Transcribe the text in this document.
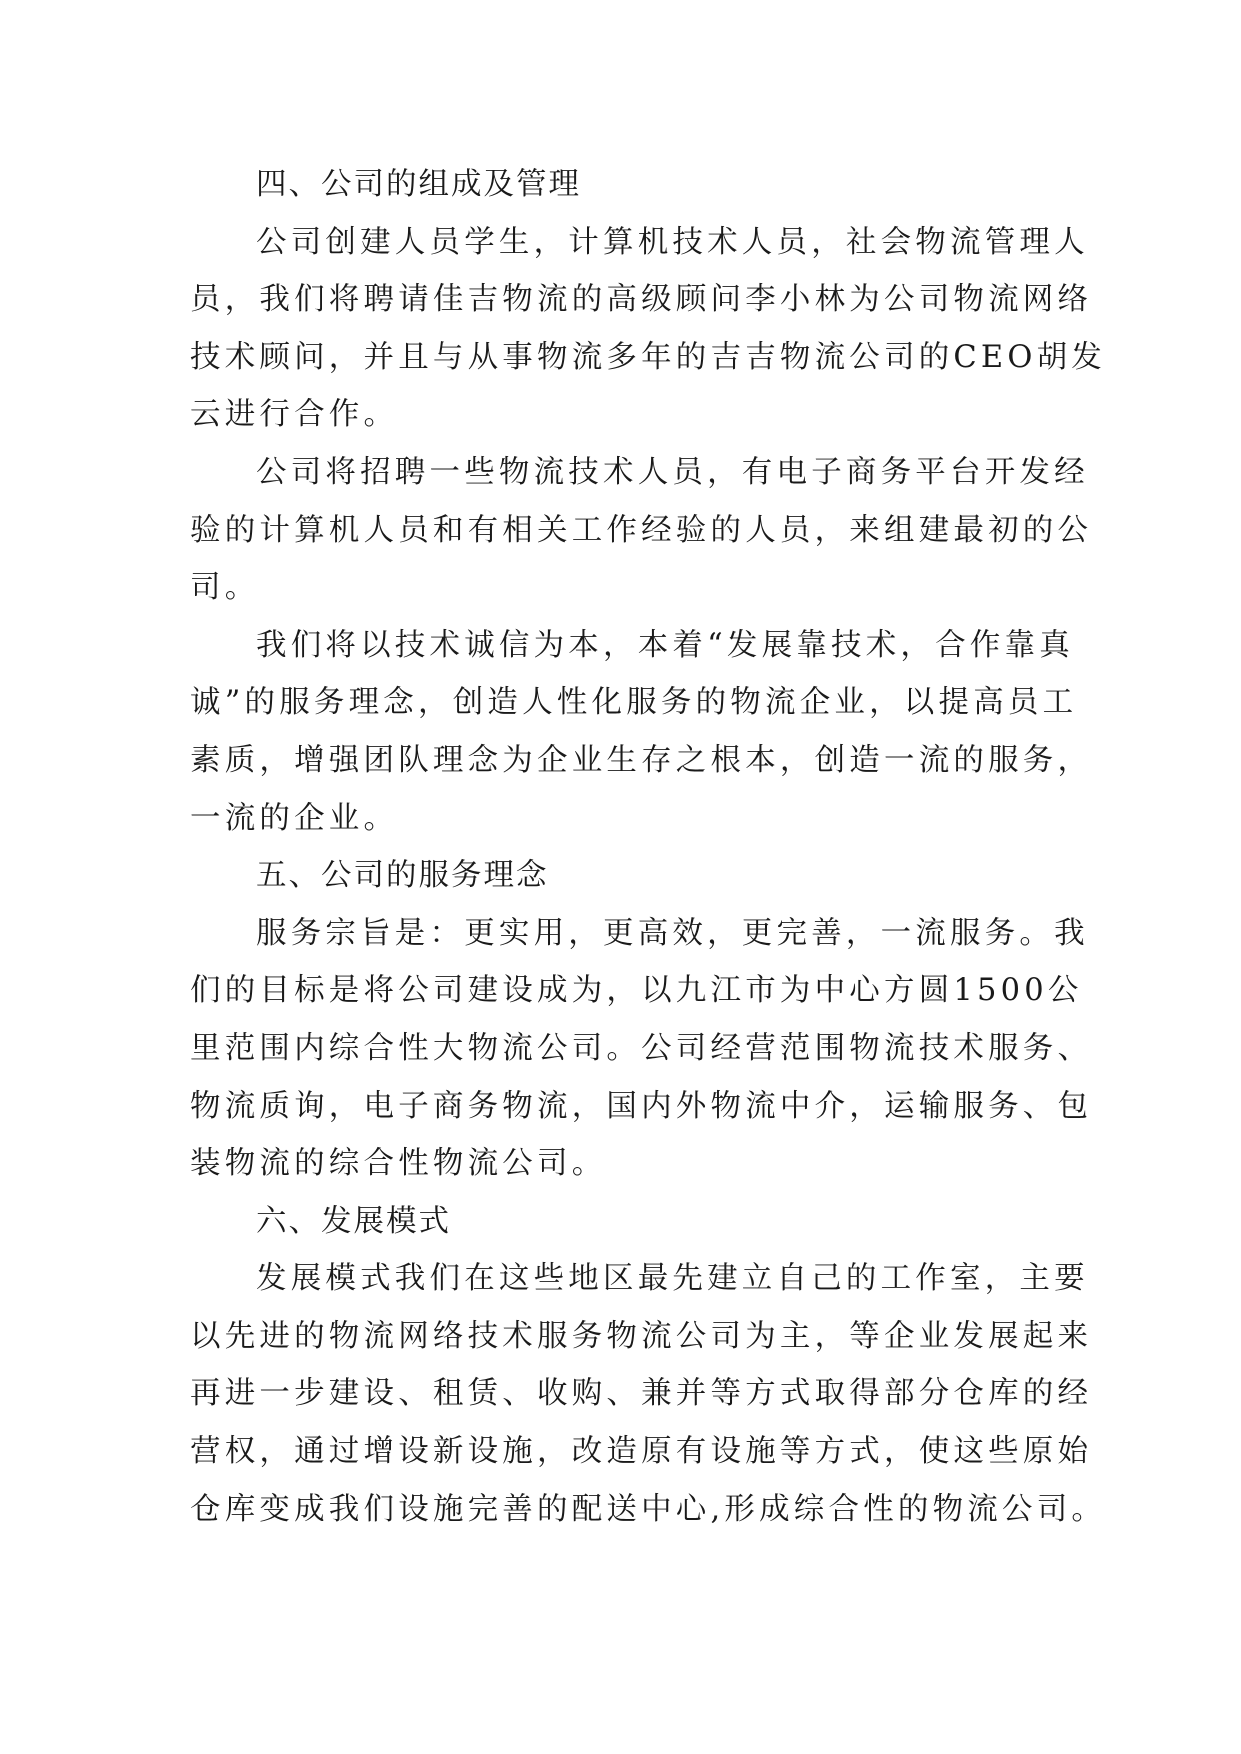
四、公司的组成及管理

公司创建人员学生，计算机技术人员，社会物流管理人

员，我们将聘请佳吉物流的高级顾问李小林为公司物流网络

技术顾问，并且与从事物流多年的吉吉物流公司的CEO胡发

云进行合作。

公司将招聘一些物流技术人员，有电子商务平台开发经

验的计算机人员和有相关工作经验的人员，来组建最初的公

司。

我们将以技术诚信为本，本着“发展靠技术，合作靠真

诚”的服务理念，创造人性化服务的物流企业，以提高员工

素质，增强团队理念为企业生存之根本，创造一流的服务，

一流的企业。

五、公司的服务理念

服务宗旨是：更实用，更高效，更完善，一流服务。我

们的目标是将公司建设成为，以九江市为中心方圆1500公

里范围内综合性大物流公司。公司经营范围物流技术服务、

物流质询，电子商务物流，国内外物流中介，运输服务、包

装物流的综合性物流公司。

六、发展模式

发展模式我们在这些地区最先建立自己的工作室，主要

以先进的物流网络技术服务物流公司为主，等企业发展起来

再进一步建设、租赁、收购、兼并等方式取得部分仓库的经

营权，通过增设新设施，改造原有设施等方式，使这些原始

仓库变成我们设施完善的配送中心,形成综合性的物流公司。
